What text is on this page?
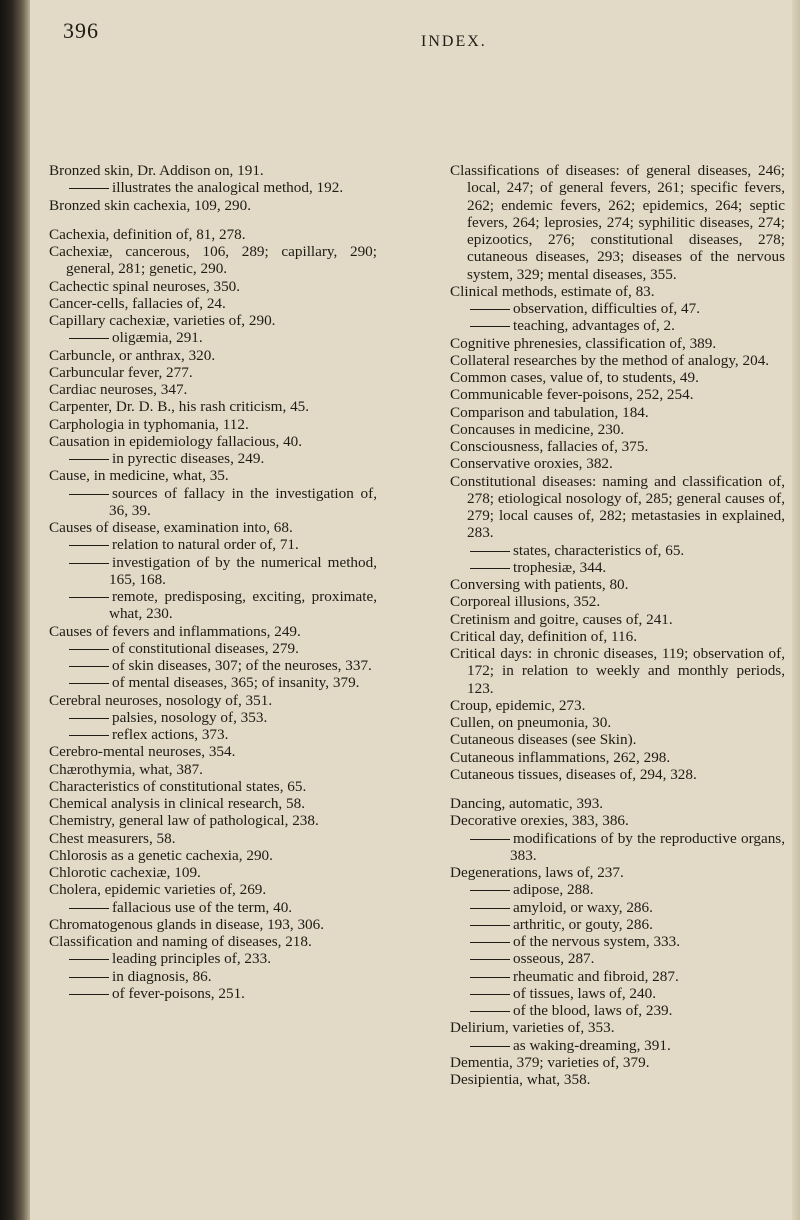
396	INDEX.
Bronzed skin, Dr. Addison on, 191.
illustrates the analogical method, 192.
Bronzed skin cachexia, 109, 290.
Cachexia, definition of, 81, 278.
Cachexiæ, cancerous, 106, 289; capillary, 290; general, 281; genetic, 290.
Cachectic spinal neuroses, 350.
Cancer-cells, fallacies of, 24.
Capillary cachexiæ, varieties of, 290.
oligæmia, 291.
Carbuncle, or anthrax, 320.
Carbuncular fever, 277.
Cardiac neuroses, 347.
Carpenter, Dr. D. B., his rash criticism, 45.
Carphologia in typhomania, 112.
Causation in epidemiology fallacious, 40.
in pyrectic diseases, 249.
Cause, in medicine, what, 35.
sources of fallacy in the investigation of, 36, 39.
Causes of disease, examination into, 68.
relation to natural order of, 71.
investigation of by the numerical method, 165, 168.
remote, predisposing, exciting, proximate, what, 230.
Causes of fevers and inflammations, 249.
of constitutional diseases, 279.
of skin diseases, 307; of the neuroses, 337.
of mental diseases, 365; of insanity, 379.
Cerebral neuroses, nosology of, 351.
palsies, nosology of, 353.
reflex actions, 373.
Cerebro-mental neuroses, 354.
Chærothymia, what, 387.
Characteristics of constitutional states, 65.
Chemical analysis in clinical research, 58.
Chemistry, general law of pathological, 238.
Chest measurers, 58.
Chlorosis as a genetic cachexia, 290.
Chlorotic cachexiæ, 109.
Cholera, epidemic varieties of, 269.
fallacious use of the term, 40.
Chromatogenous glands in disease, 193, 306.
Classification and naming of diseases, 218.
leading principles of, 233.
in diagnosis, 86.
of fever-poisons, 251.
Classifications of diseases: of general diseases, 246; local, 247; of general fevers, 261; specific fevers, 262; endemic fevers, 262; epidemics, 264; septic fevers, 264; leprosies, 274; syphilitic diseases, 274; epizootics, 276; constitutional diseases, 278; cutaneous diseases, 293; diseases of the nervous system, 329; mental diseases, 355.
Clinical methods, estimate of, 83.
observation, difficulties of, 47.
teaching, advantages of, 2.
Cognitive phrenesies, classification of, 389.
Collateral researches by the method of analogy, 204.
Common cases, value of, to students, 49.
Communicable fever-poisons, 252, 254.
Comparison and tabulation, 184.
Concauses in medicine, 230.
Consciousness, fallacies of, 375.
Conservative oroxies, 382.
Constitutional diseases: naming and classification of, 278; etiological nosology of, 285; general causes of, 279; local causes of, 282; metastasies in explained, 283.
states, characteristics of, 65.
trophesiæ, 344.
Conversing with patients, 80.
Corporeal illusions, 352.
Cretinism and goitre, causes of, 241.
Critical day, definition of, 116.
Critical days: in chronic diseases, 119; observation of, 172; in relation to weekly and monthly periods, 123.
Croup, epidemic, 273.
Cullen, on pneumonia, 30.
Cutaneous diseases (see Skin).
Cutaneous inflammations, 262, 298.
Cutaneous tissues, diseases of, 294, 328.
Dancing, automatic, 393.
Decorative orexies, 383, 386.
modifications of by the reproductive organs, 383.
Degenerations, laws of, 237.
adipose, 288.
amyloid, or waxy, 286.
arthritic, or gouty, 286.
of the nervous system, 333.
osseous, 287.
rheumatic and fibroid, 287.
of tissues, laws of, 240.
of the blood, laws of, 239.
Delirium, varieties of, 353.
as waking-dreaming, 391.
Dementia, 379; varieties of, 379.
Desipientia, what, 358.
